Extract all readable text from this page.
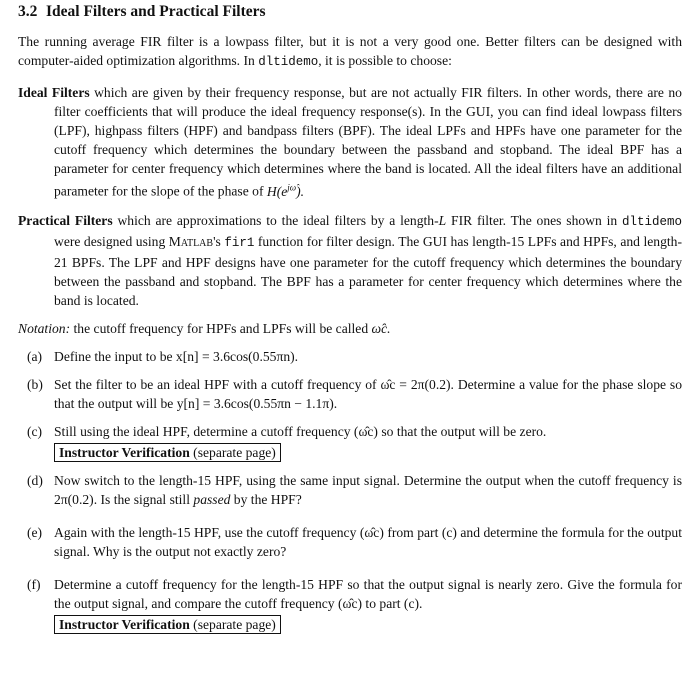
3.2 Ideal Filters and Practical Filters

The running average FIR filter is a lowpass filter, but it is not a very good one. Better filters can be designed with computer-aided optimization algorithms. In dltidemo, it is possible to choose:

Ideal Filters which are given by their frequency response, but are not actually FIR filters. In other words, there are no filter coefficients that will produce the ideal frequency response(s). In the GUI, you can find ideal lowpass filters (LPF), highpass filters (HPF) and bandpass filters (BPF). The ideal LPFs and HPFs have one parameter for the cutoff frequency which determines the boundary between the passband and stopband. The ideal BPF has a parameter for center frequency which determines where the band is located. All the ideal filters have an additional parameter for the slope of the phase of $H(e^{j\omegâ})$.

Practical Filters which are approximations to the ideal filters by a length-L FIR filter. The ones shown in dltidemo were designed using Matlab's fir1 function for filter design. The GUI has length-15 LPFs and HPFs, and length-21 BPFs. The LPF and HPF designs have one parameter for the cutoff frequency which determines the boundary between the passband and stopband. The BPF has a parameter for center frequency which determines where the band is located.

Notation: the cutoff frequency for HPFs and LPFs will be called ω̂c.

(a) Define the input to be x[n] = 3.6cos(0.55πn).
(b) Set the filter to be an ideal HPF with a cutoff frequency of ω̂c = 2π(0.2). Determine a value for the phase slope so that the output will be y[n] = 3.6cos(0.55πn − 1.1π).
(c) Still using the ideal HPF, determine a cutoff frequency (ω̂c) so that the output will be zero.
Instructor Verification (separate page)
(d) Now switch to the length-15 HPF, using the same input signal. Determine the output when the cutoff frequency is 2π(0.2). Is the signal still passed by the HPF?
(e) Again with the length-15 HPF, use the cutoff frequency (ω̂c) from part (c) and determine the formula for the output signal. Why is the output not exactly zero?
(f) Determine a cutoff frequency for the length-15 HPF so that the output signal is nearly zero. Give the formula for the output signal, and compare the cutoff frequency (ω̂c) to part (c).
Instructor Verification (separate page)
